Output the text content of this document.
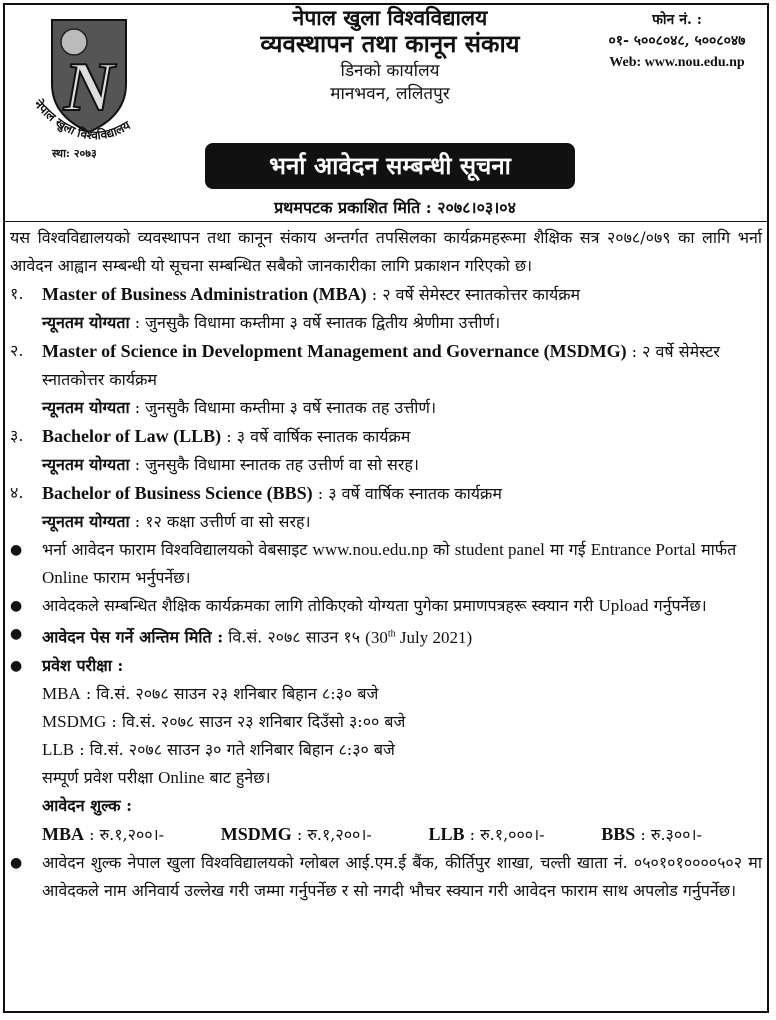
N
नेपाल खुला विश्वविद्यालय
स्था: २०७३
नेपाल खुला विश्वविद्यालय
व्यवस्थापन तथा कानून संकाय
डिनको कार्यालय
मानभवन, ललितपुर
फोन नं. :
०१- ५००८०४८, ५००८०४७
Web: www.nou.edu.np
भर्ना आवेदन सम्बन्धी सूचना
प्रथमपटक प्रकाशित मिति : २०७८।०३।०४

यस विश्वविद्यालयको व्यवस्थापन तथा कानून संकाय अन्तर्गत तपसिलका कार्यक्रमहरूमा शैक्षिक सत्र २०७८/०७९ का लागि भर्ना आवेदन आह्वान सम्बन्धी यो सूचना सम्बन्धित सबैको जानकारीका लागि प्रकाशन गरिएको छ।

१.	Master of Business Administration (MBA) : २ वर्षे सेमेस्टर स्नातकोत्तर कार्यक्रम
न्यूनतम योग्यता : जुनसुकै विधामा कम्तीमा ३ वर्षे स्नातक द्वितीय श्रेणीमा उत्तीर्ण।
२.	Master of Science in Development Management and Governance (MSDMG) : २ वर्षे सेमेस्टर स्नातकोत्तर कार्यक्रम
न्यूनतम योग्यता : जुनसुकै विधामा कम्तीमा ३ वर्षे स्नातक तह उत्तीर्ण।
३.	Bachelor of Law (LLB) : ३ वर्षे वार्षिक स्नातक कार्यक्रम
न्यूनतम योग्यता : जुनसुकै विधामा स्नातक तह उत्तीर्ण वा सो सरह।
४.	Bachelor of Business Science (BBS) : ३ वर्षे वार्षिक स्नातक कार्यक्रम
न्यूनतम योग्यता : १२ कक्षा उत्तीर्ण वा सो सरह।
●	भर्ना आवेदन फाराम विश्वविद्यालयको वेबसाइट www.nou.edu.np को student panel मा गई Entrance Portal मार्फत Online फाराम भर्नुपर्नेछ।
●	आवेदकले सम्बन्धित शैक्षिक कार्यक्रमका लागि तोकिएको योग्यता पुगेका प्रमाणपत्रहरू स्क्यान गरी Upload गर्नुपर्नेछ।
●	आवेदन पेस गर्ने अन्तिम मिति : वि.सं. २०७८ साउन १५ (30th July 2021)
●	प्रवेश परीक्षा :
MBA : वि.सं. २०७८ साउन २३ शनिबार बिहान ८:३० बजे
MSDMG : वि.सं. २०७८ साउन २३ शनिबार दिउँसो ३:०० बजे
LLB : वि.सं. २०७८ साउन ३० गते शनिबार बिहान ८:३० बजे
सम्पूर्ण प्रवेश परीक्षा Online बाट हुनेछ।
आवेदन शुल्क :
MBA : रु.१,२००।-	MSDMG : रु.१,२००।-	LLB : रु.१,०००।-	BBS : रु.३००।-
●	आवेदन शुल्क नेपाल खुला विश्वविद्यालयको ग्लोबल आई.एम.ई बैंक, कीर्तिपुर शाखा, चल्ती खाता नं. ०५०१०१००००५०२ मा आवेदकले नाम अनिवार्य उल्लेख गरी जम्मा गर्नुपर्नेछ र सो नगदी भौचर स्क्यान गरी आवेदन फाराम साथ अपलोड गर्नुपर्नेछ।
